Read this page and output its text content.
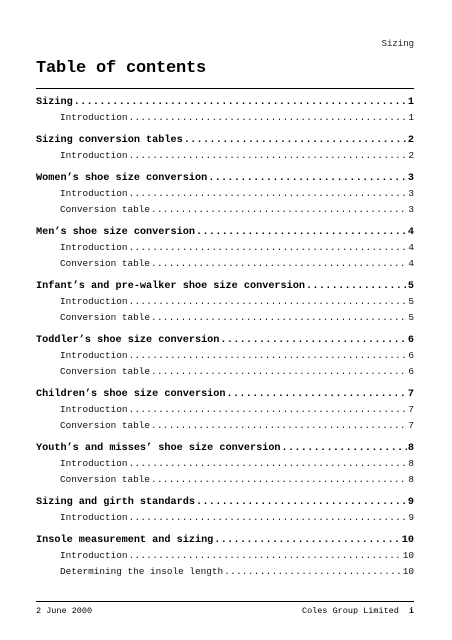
Sizing
Table of contents
Sizing .....	1
Introduction .....	1
Sizing conversion tables .....	2
Introduction .....	2
Women’s shoe size conversion .....	3
Introduction .....	3
Conversion table .....	3
Men’s shoe size conversion .....	4
Introduction .....	4
Conversion table .....	4
Infant’s and pre-walker shoe size conversion .....	5
Introduction .....	5
Conversion table .....	5
Toddler’s shoe size conversion .....	6
Introduction .....	6
Conversion table .....	6
Children’s shoe size conversion .....	7
Introduction .....	7
Conversion table .....	7
Youth’s and misses’ shoe size conversion .....	8
Introduction .....	8
Conversion table .....	8
Sizing and girth standards .....	9
Introduction .....	9
Insole measurement and sizing .....	10
Introduction .....	10
Determining the insole length .....	10
2 June 2000	Coles Group Limited i
